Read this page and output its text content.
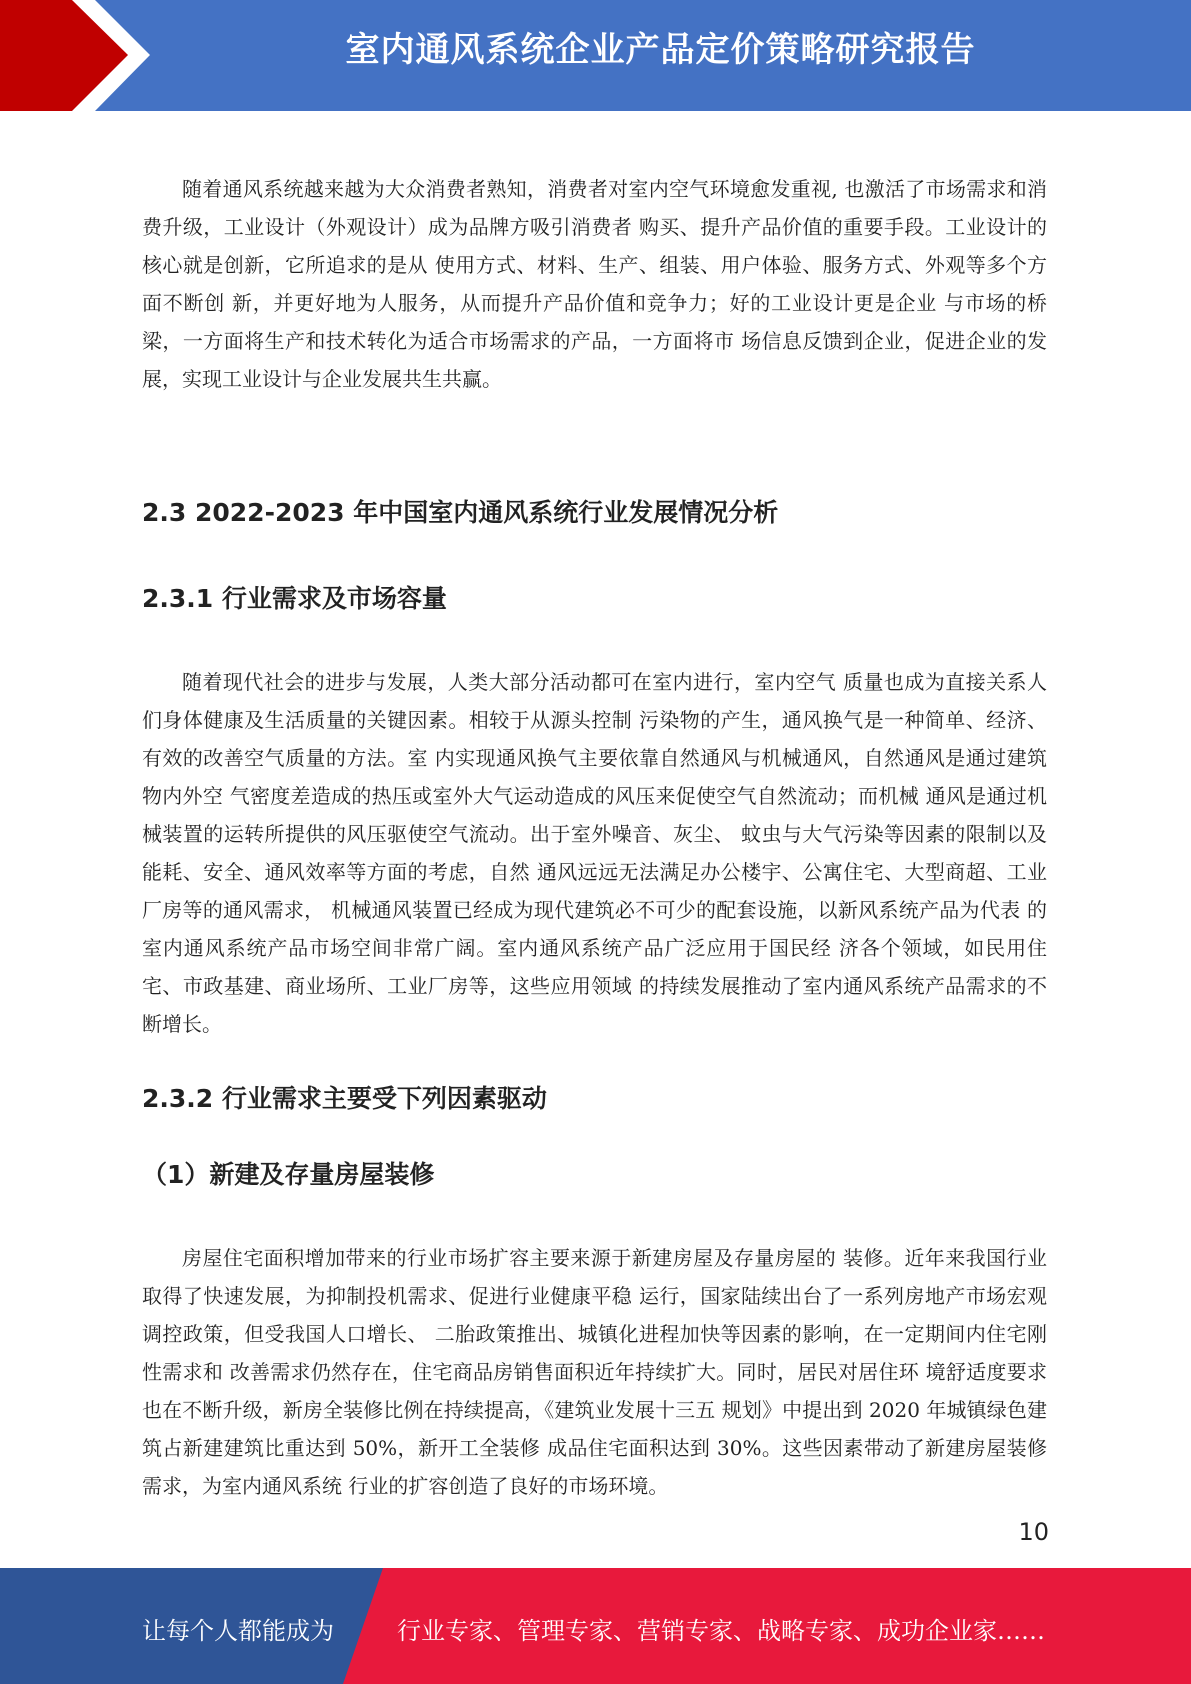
室内通风系统企业产品定价策略研究报告

随着通风系统越来越为大众消费者熟知，消费者对室内空气环境愈发重视, 也激活了市场需求和消费升级，工业设计（外观设计）成为品牌方吸引消费者 购买、提升产品价值的重要手段。工业设计的核心就是创新，它所追求的是从 使用方式、材料、生产、组装、用户体验、服务方式、外观等多个方面不断创 新，并更好地为人服务，从而提升产品价值和竞争力；好的工业设计更是企业 与市场的桥梁，一方面将生产和技术转化为适合市场需求的产品，一方面将市 场信息反馈到企业，促进企业的发展，实现工业设计与企业发展共生共赢。

2.3 2022-2023 年中国室内通风系统行业发展情况分析
2.3.1 行业需求及市场容量

随着现代社会的进步与发展，人类大部分活动都可在室内进行，室内空气 质量也成为直接关系人们身体健康及生活质量的关键因素。相较于从源头控制 污染物的产生，通风换气是一种简单、经济、有效的改善空气质量的方法。室 内实现通风换气主要依靠自然通风与机械通风，自然通风是通过建筑物内外空 气密度差造成的热压或室外大气运动造成的风压来促使空气自然流动；而机械 通风是通过机械装置的运转所提供的风压驱使空气流动。出于室外噪音、灰尘、 蚊虫与大气污染等因素的限制以及能耗、安全、通风效率等方面的考虑，自然 通风远远无法满足办公楼宇、公寓住宅、大型商超、工业厂房等的通风需求， 机械通风装置已经成为现代建筑必不可少的配套设施，以新风系统产品为代表 的室内通风系统产品市场空间非常广阔。室内通风系统产品广泛应用于国民经 济各个领域，如民用住宅、市政基建、商业场所、工业厂房等，这些应用领域 的持续发展推动了室内通风系统产品需求的不断增长。

2.3.2 行业需求主要受下列因素驱动
（1）新建及存量房屋装修

房屋住宅面积增加带来的行业市场扩容主要来源于新建房屋及存量房屋的 装修。近年来我国行业取得了快速发展，为抑制投机需求、促进行业健康平稳 运行，国家陆续出台了一系列房地产市场宏观调控政策，但受我国人口增长、 二胎政策推出、城镇化进程加快等因素的影响，在一定期间内住宅刚性需求和 改善需求仍然存在，住宅商品房销售面积近年持续扩大。同时，居民对居住环 境舒适度要求也在不断升级，新房全装修比例在持续提高，《建筑业发展十三五 规划》中提出到 2020 年城镇绿色建筑占新建建筑比重达到 50%，新开工全装修 成品住宅面积达到 30%。这些因素带动了新建房屋装修需求，为室内通风系统 行业的扩容创造了良好的市场环境。

10
让每个人都能成为	行业专家、管理专家、营销专家、战略专家、成功企业家……
